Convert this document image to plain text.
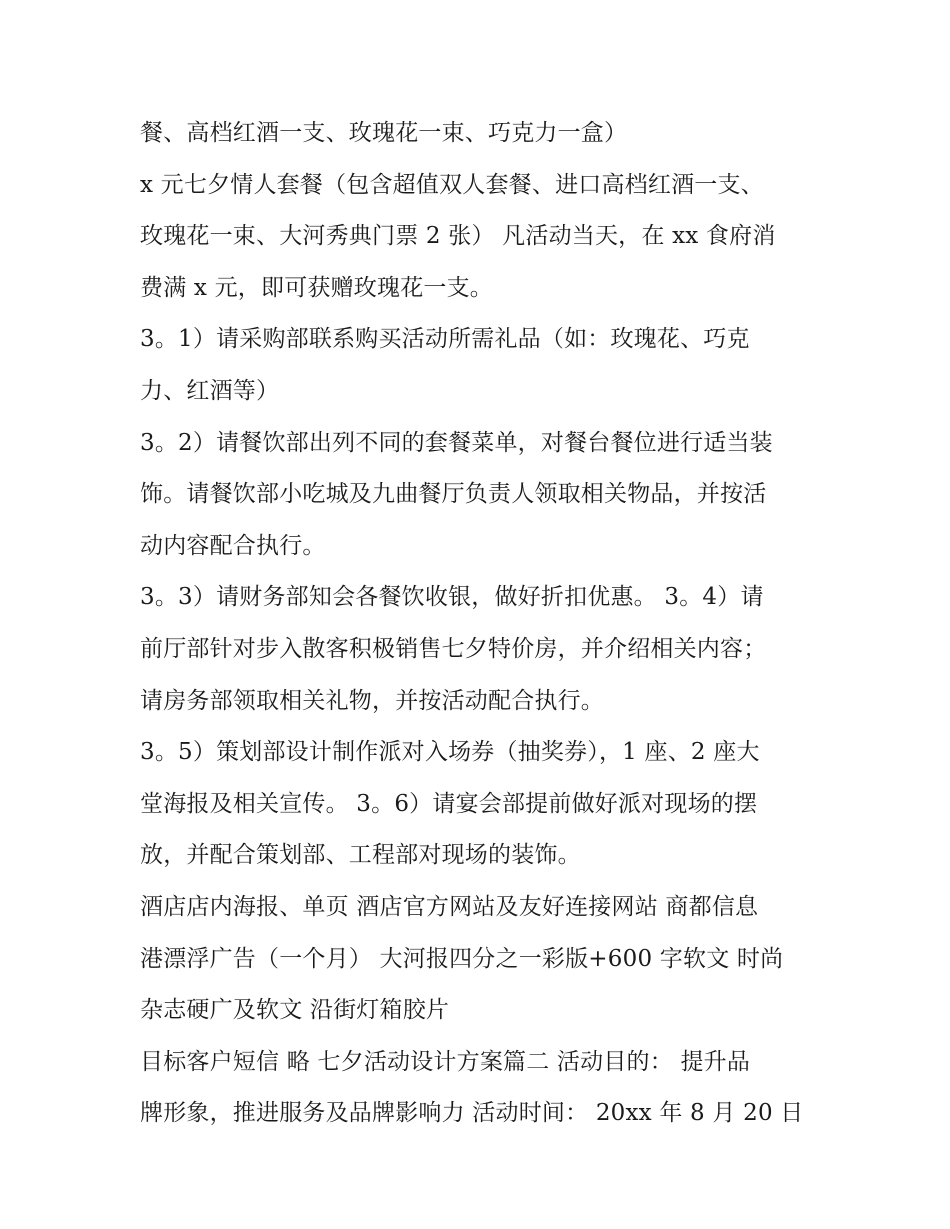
餐、高档红酒一支、玫瑰花一束、巧克力一盒）
x 元七夕情人套餐（包含超值双人套餐、进口高档红酒一支、
玫瑰花一束、大河秀典门票 2 张） 凡活动当天，在 xx 食府消
费满 x 元，即可获赠玫瑰花一支。
3。1）请采购部联系购买活动所需礼品（如：玫瑰花、巧克
力、红酒等）
3。2）请餐饮部出列不同的套餐菜单，对餐台餐位进行适当装
饰。请餐饮部小吃城及九曲餐厅负责人领取相关物品，并按活
动内容配合执行。
3。3）请财务部知会各餐饮收银，做好折扣优惠。 3。4）请
前厅部针对步入散客积极销售七夕特价房，并介绍相关内容；
请房务部领取相关礼物，并按活动配合执行。
3。5）策划部设计制作派对入场券（抽奖券），1 座、2 座大
堂海报及相关宣传。 3。6）请宴会部提前做好派对现场的摆
放，并配合策划部、工程部对现场的装饰。
酒店店内海报、单页 酒店官方网站及友好连接网站 商都信息
港漂浮广告（一个月） 大河报四分之一彩版+600 字软文 时尚
杂志硬广及软文 沿街灯箱胶片
目标客户短信 略 七夕活动设计方案篇二 活动目的： 提升品
牌形象，推进服务及品牌影响力 活动时间： 20xx 年 8 月 20 日
